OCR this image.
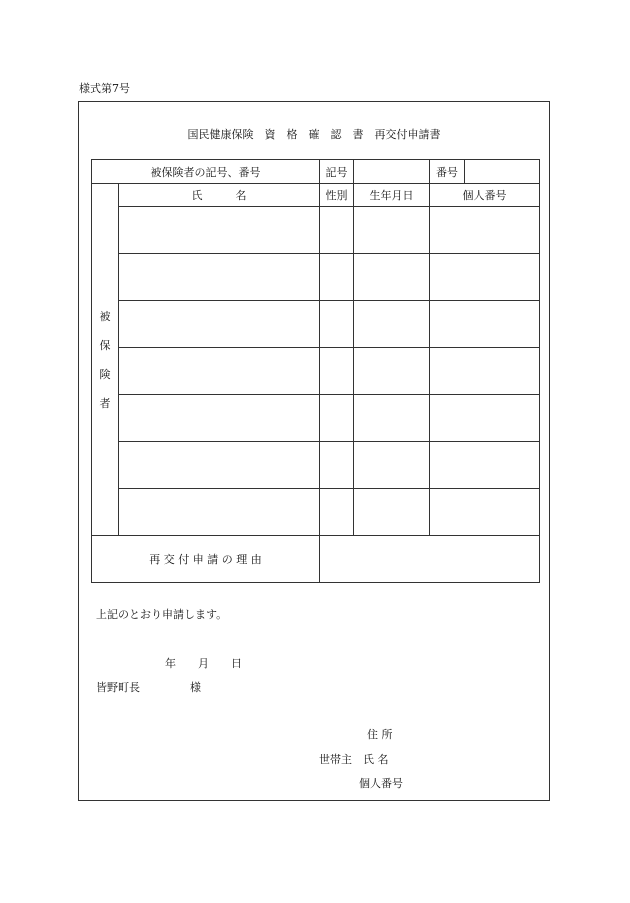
様式第7号
国民健康保険　資　格　確　認　書　再交付申請書
被保険者の記号、番号		記号		番号	

被
保
険
者	氏　　　名	性別	生年月日	個人番号	

再 交 付 申 請 の 理 由					
上記のとおり申請します。
年　　月　　日
皆野町長	様
住 所
世帯主　氏 名
個人番号
